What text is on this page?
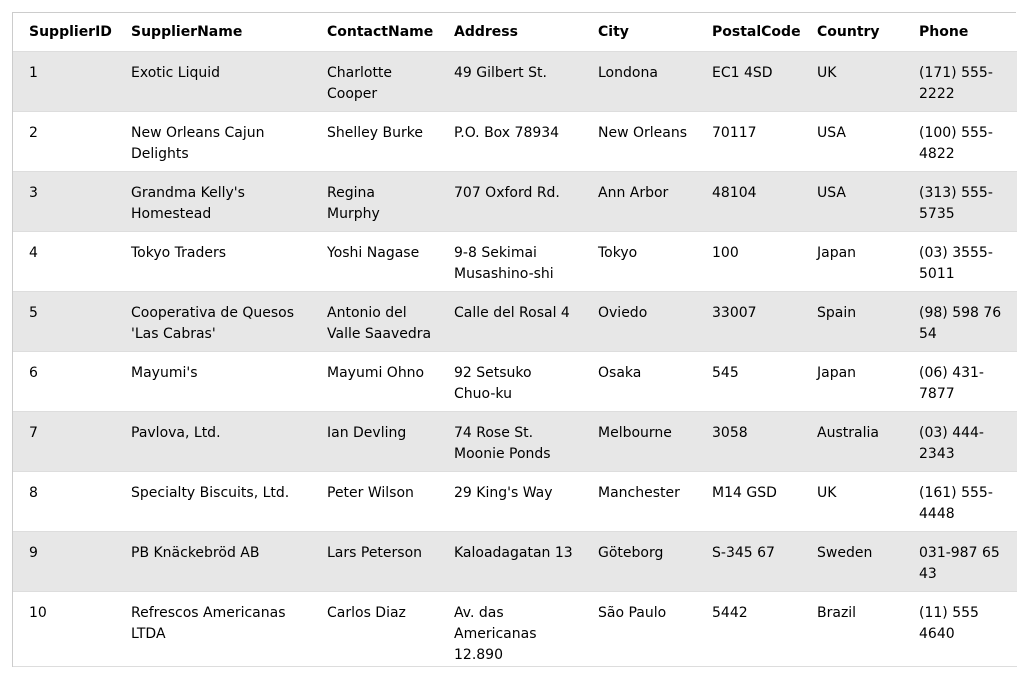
SupplierID	SupplierName	ContactName	Address	City	PostalCode	Country	Phone
1	Exotic Liquid	Charlotte Cooper	49 Gilbert St.	Londona	EC1 4SD	UK	(171) 555-2222
2	New Orleans Cajun Delights	Shelley Burke	P.O. Box 78934	New Orleans	70117	USA	(100) 555-4822
3	Grandma Kelly's Homestead	Regina Murphy	707 Oxford Rd.	Ann Arbor	48104	USA	(313) 555-5735
4	Tokyo Traders	Yoshi Nagase	9-8 Sekimai Musashino-shi	Tokyo	100	Japan	(03) 3555-5011
5	Cooperativa de Quesos 'Las Cabras'	Antonio del Valle Saavedra	Calle del Rosal 4	Oviedo	33007	Spain	(98) 598 76 54
6	Mayumi's	Mayumi Ohno	92 Setsuko Chuo-ku	Osaka	545	Japan	(06) 431-7877
7	Pavlova, Ltd.	Ian Devling	74 Rose St. Moonie Ponds	Melbourne	3058	Australia	(03) 444-2343
8	Specialty Biscuits, Ltd.	Peter Wilson	29 King's Way	Manchester	M14 GSD	UK	(161) 555-4448
9	PB Knäckebröd AB	Lars Peterson	Kaloadagatan 13	Göteborg	S-345 67	Sweden	031-987 65 43
10	Refrescos Americanas LTDA	Carlos Diaz	Av. das Americanas 12.890	São Paulo	5442	Brazil	(11) 555 4640
